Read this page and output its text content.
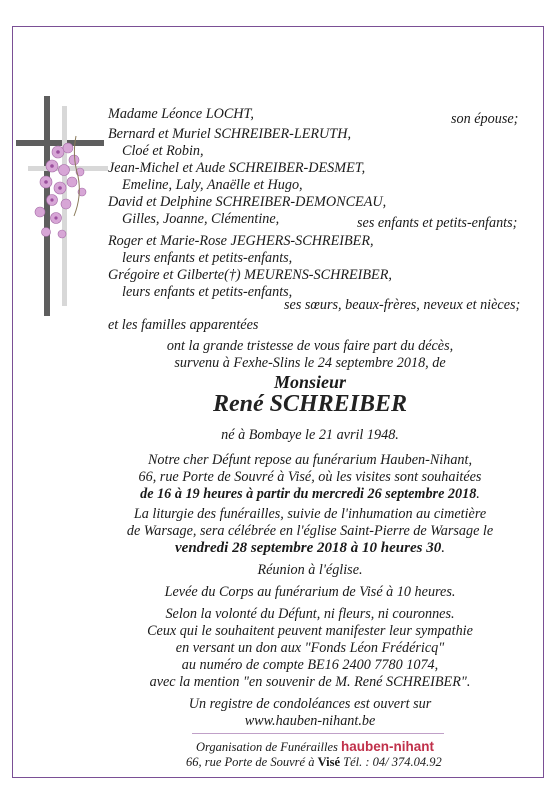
Madame Léonce LOCHT,	son épouse;
Bernard et Muriel SCHREIBER-LERUTH,
Cloé et Robin,
Jean-Michel et Aude SCHREIBER-DESMET,
Emeline, Laly, Anaëlle et Hugo,
David et Delphine SCHREIBER-DEMONCEAU,
Gilles, Joanne, Clémentine,	ses enfants et petits-enfants;
Roger et Marie-Rose JEGHERS-SCHREIBER,
leurs enfants et petits-enfants,
Grégoire et Gilberte(†) MEURENS-SCHREIBER,
leurs enfants et petits-enfants,
ses sœurs, beaux-frères, neveux et nièces;
et les familles apparentées
ont la grande tristesse de vous faire part du décès,
survenu à Fexhe-Slins le 24 septembre 2018, de
Monsieur
René SCHREIBER
né à Bombaye le 21 avril 1948.
Notre cher Défunt repose au funérarium Hauben-Nihant,
66, rue Porte de Souvré à Visé, où les visites sont souhaitées
de 16 à 19 heures à partir du mercredi 26 septembre 2018.
La liturgie des funérailles, suivie de l'inhumation au cimetière
de Warsage, sera célébrée en l'église Saint-Pierre de Warsage le
vendredi 28 septembre 2018 à 10 heures 30.
Réunion à l'église.
Levée du Corps au funérarium de Visé à 10 heures.
Selon la volonté du Défunt, ni fleurs, ni couronnes.
Ceux qui le souhaitent peuvent manifester leur sympathie
en versant un don aux "Fonds Léon Frédéricq"
au numéro de compte BE16 2400 7780 1074,
avec la mention "en souvenir de M. René SCHREIBER".
Un registre de condoléances est ouvert sur
www.hauben-nihant.be
Organisation de Funérailles hauben-nihant
66, rue Porte de Souvré à Visé Tél. : 04/ 374.04.92
